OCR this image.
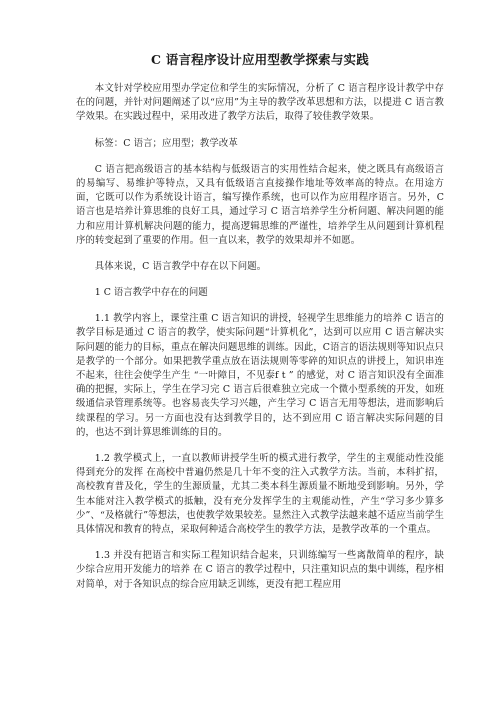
C 语言程序设计应用型教学探索与实践

本文针对学校应用型办学定位和学生的实际情况，分析了 C 语言程序设计教学中存在的问题，并针对问题阐述了以“应用”为主导的教学改革思想和方法，以提进 C 语言教学效果。在实践过程中，采用改进了教学方法后，取得了较佳教学效果。

标签：C 语言；应用型；教学改革

C 语言把高级语言的基本结构与低级语言的实用性结合起来，使之既具有高级语言的易编写、易维护等特点，又具有低级语言直接操作地址等效率高的特点。在用途方面，它既可以作为系统设计语言，编写操作系统，也可以作为应用程序语言。另外，C 语言也是培养计算思维的良好工具，通过学习 C 语言培养学生分析问题、解决问题的能力和应用计算机解决问题的能力，提高逻辑思维的严谨性，培养学生从问题到计算机程序的转变起到了重要的作用。但一直以来，教学的效果却并不如愿。

具体来说，C 语言教学中存在以下问题。

1 C 语言教学中存在的问题

1.1 教学内容上，课堂注重 C 语言知识的讲授，轻视学生思维能力的培养 C 语言的教学目标是通过 C 语言的教学，使实际问题“计算机化”，达到可以应用 C 语言解决实际问题的能力的目标，重点在解决问题思维的训练。因此，C语言的语法规则等知识点只是教学的一个部分。如果把教学重点放在语法规则等零碎的知识点的讲授上，知识串连不起来，往往会使学生产生 “一叶障目，不见泰f t ” 的感觉，对 C 语言知识没有全面准确的把握，实际上，学生在学习完 C 语言后很难独立完成一个微小型系统的开发，如班级通信录管理系统等。也容易丧失学习兴趣，产生学习 C 语言无用等想法，进而影响后续课程的学习。另一方面也没有达到教学目的，达不到应用 C 语言解决实际问题的目的，也达不到计算思维训练的目的。

1.2 教学模式上，一直以教师讲授学生听的模式进行教学，学生的主观能动性没能得到充分的发挥 在高校中普遍仍然是几十年不变的注入式教学方法。当前，本科扩招，高校教育普及化，学生的生源质量，尤其二类本科生源质量不断地受到影响。另外，学生本能对注入教学模式的抵触，没有充分发挥学生的主观能动性，产生“学习多少算多少”、“及格就行”等想法，也使教学效果较差。显然注入式教学法越来越不适应当前学生具体情况和教育的特点，采取何种适合高校学生的教学方法，是教学改革的一个重点。

1.3 并没有把语言和实际工程知识结合起来，只训练编写一些离散简单的程序，缺少综合应用开发能力的培养 在 C 语言的教学过程中，只注重知识点的集中训练，程序相对简单，对于各知识点的综合应用缺乏训练，更没有把工程应用
